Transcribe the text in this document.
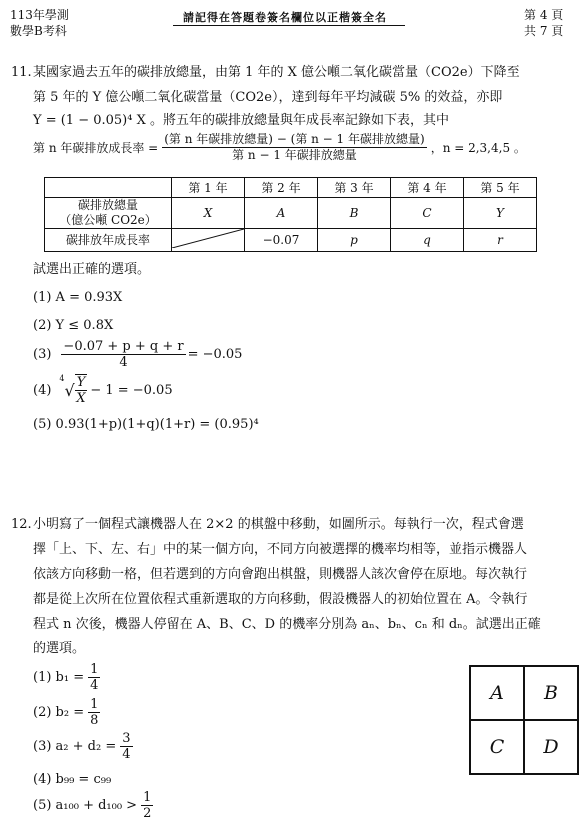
113年學測
數學B考科
請記得在答題卷簽名欄位以正楷簽全名	第 4 頁
共 7 頁
11. 某國家過去五年的碳排放總量，由第 1 年的 X 億公噸二氧化碳當量（CO2e）下降至
第 5 年的 Y 億公噸二氧化碳當量（CO2e），達到每年平均減碳 5% 的效益，亦即
Y = (1 − 0.05)⁴ X 。將五年的碳排放總量與年成長率記錄如下表，其中
第 n 年碳排放成長率 = $\frac{\text{(第 n 年碳排放總量) − (第 n − 1 年碳排放總量)}}{\text{第 n − 1 年碳排放總量}}$ ，n = 2,3,4,5 。
	第 1 年	第 2 年	第 3 年	第 4 年	第 5 年

碳排放總量
（億公噸 CO2e）	X	A	B	C	Y
碳排放年成長率		−0.07	p	q	r
試選出正確的選項。
(1) A = 0.93X
(2) Y ≤ 0.8X
$(3) \frac{-0.07 + p + q + r}{4} = -0.05$
(4)
4
√ $\frac{Y}{X} - 1 = -0.05$
(5) 0.93(1+p)(1+q)(1+r) = (0.95)⁴
12. 小明寫了一個程式讓機器人在 2×2 的棋盤中移動，如圖所示。每執行一次，程式會選
擇「上、下、左、右」中的某一個方向，不同方向被選擇的機率均相等，並指示機器人
依該方向移動一格，但若選到的方向會跑出棋盤，則機器人該次會停在原地。每次執行
都是從上次所在位置依程式重新選取的方向移動，假設機器人的初始位置在 A。令執行
程式 n 次後，機器人停留在 A、B、C、D 的機率分別為 aₙ、bₙ、cₙ 和 dₙ。試選出正確
的選項。
(1) $b_1 = \frac{1}{4}$
(2) $b_2 = \frac{1}{8}$
(3) $a_2 + d_2 = \frac{3}{4}$
(4) b₉₉ = c₉₉
(5) $a_{100} + d_{100} > \frac{1}{2}$
A	B
C	D
